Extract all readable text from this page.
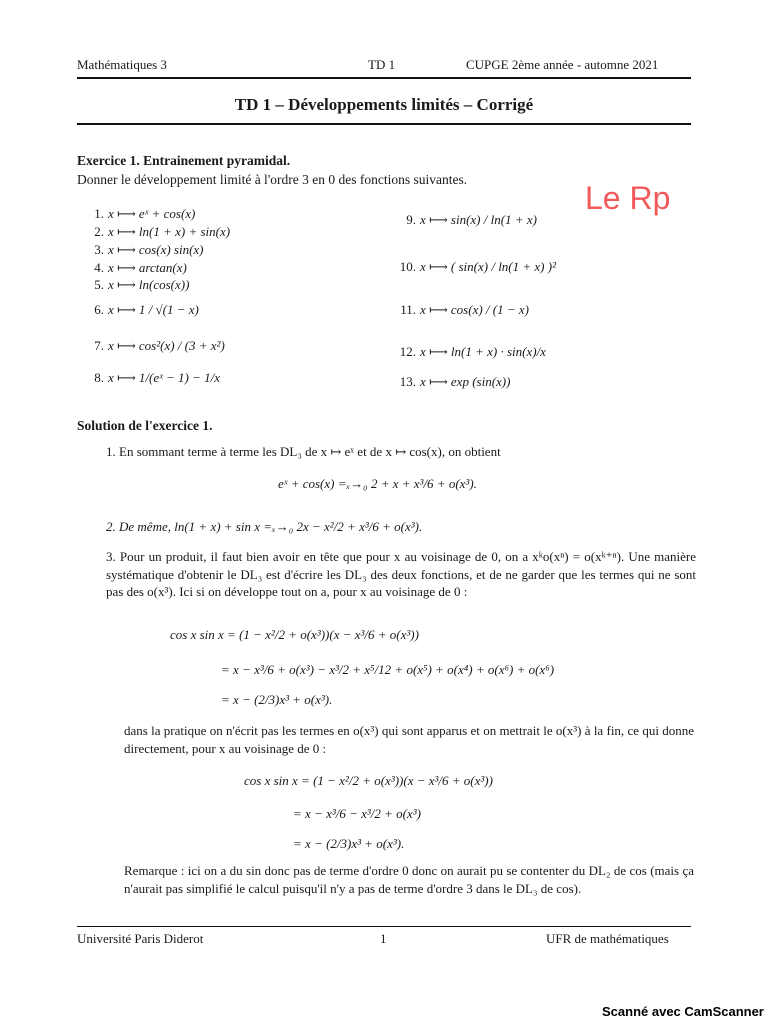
Mathématiques 3	TD 1	CUPGE 2ème année - automne 2021
TD 1 – Développements limités – Corrigé
Le Rp
Exercice 1. Entrainement pyramidal.
Donner le développement limité à l'ordre 3 en 0 des fonctions suivantes.
1. x ⟼ eˣ + cos(x)
2. x ⟼ ln(1 + x) + sin(x)
3. x ⟼ cos(x) sin(x)
4. x ⟼ arctan(x)
5. x ⟼ ln(cos(x))
6. x ⟼ 1 / √(1 − x)
7. x ⟼ cos²(x) / (3 + x²)
8. x ⟼ 1/(eˣ − 1) − 1/x
9. x ⟼ sin(x) / ln(1 + x)
10. x ⟼ ( sin(x) / ln(1 + x) )²
11. x ⟼ cos(x) / (1 − x)
12. x ⟼ ln(1 + x) · sin(x)/x
13. x ⟼ exp (sin(x))
Solution de l'exercice 1.
1. En sommant terme à terme les DL₃ de x ↦ eˣ et de x ↦ cos(x), on obtient
eˣ + cos(x) =ₓ→₀ 2 + x + x³/6 + o(x³).
2. De même, ln(1 + x) + sin x =ₓ→₀ 2x − x²/2 + x³/6 + o(x³).
3. Pour un produit, il faut bien avoir en tête que pour x au voisinage de 0, on a xᵏo(xⁿ) = o(xᵏ⁺ⁿ). Une manière systématique d'obtenir le DL₃ est d'écrire les DL₃ des deux fonctions, et de ne garder que les termes qui ne sont pas des o(x³). Ici si on développe tout on a, pour x au voisinage de 0 :
cos x sin x = (1 − x²/2 + o(x³))(x − x³/6 + o(x³))
= x − x³/6 + o(x³) − x³/2 + x⁵/12 + o(x⁵) + o(x⁴) + o(x⁶) + o(x⁶)
= x − (2/3)x³ + o(x³).
dans la pratique on n'écrit pas les termes en o(x³) qui sont apparus et on mettrait le o(x³) à la fin, ce qui donne directement, pour x au voisinage de 0 :
cos x sin x = (1 − x²/2 + o(x³))(x − x³/6 + o(x³))
= x − x³/6 − x³/2 + o(x³)
= x − (2/3)x³ + o(x³).
Remarque : ici on a du sin donc pas de terme d'ordre 0 donc on aurait pu se contenter du DL₂ de cos (mais ça n'aurait pas simplifié le calcul puisqu'il n'y a pas de terme d'ordre 3 dans le DL₃ de cos).
Université Paris Diderot	1	UFR de mathématiques
Scanné avec CamScanner
